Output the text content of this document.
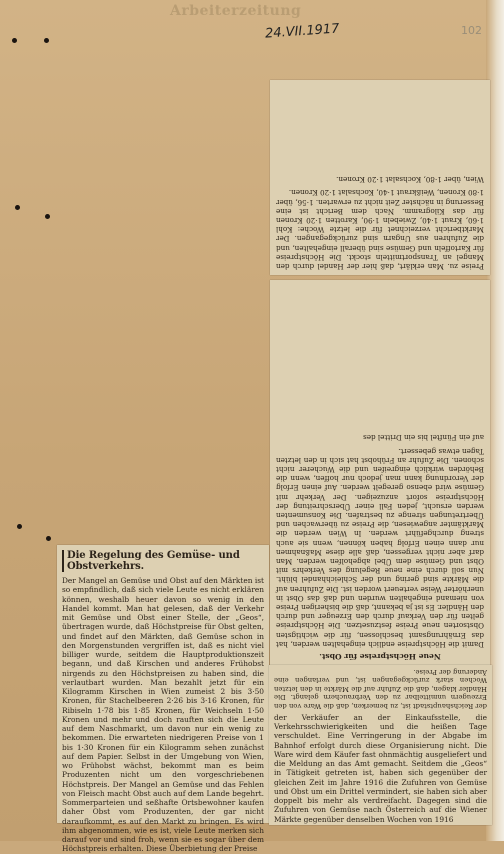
Arbeiterzeitung
24.VII.1917	102

Preise zu. Man erklärt, daß hier der Handel durch den Mangel an Transportmitteln stockt. Die Höchstpreise für Kartoffeln und Gemüse sind überall eingehalten, und die Zufuhren aus Ungarn sind zurückgegangen. Der Marktbericht verzeichnet für die letzte Woche: Kohl 1·60, Kraut 1·40, Zwiebeln 1·90, Karotten 1·20 Kronen für das Kilogramm. Nach dem Bericht ist eine Besserung in nächster Zeit nicht zu erwarten. 1·56, über 1·80 Kronen, Weißkraut 1·40, Kochsalat 1·20 Kronen.

Wien, über 1·80, Kochsalat 1·20 Kronen.

Neue Höchstpreise für Obst.

Damit die Höchstpreise endlich eingehalten werden, hat das Ernährungsamt beschlossen, für die wichtigsten Obstsorten neue Preise festzusetzen. Die Höchstpreise gelten für den Verkauf durch den Erzeuger und durch den Händler. Es ist ja bekannt, daß die bisherigen Preise von niemand eingehalten wurden und daß das Obst in unerhörter Weise verteuert worden ist. Die Zufuhren auf die Märkte sind gering und der Schleichhandel blüht. Nun soll durch eine neue Regelung des Verkehrs mit Obst und Gemüse dem Übel abgeholfen werden. Man darf aber nicht vergessen, daß alle diese Maßnahmen nur dann einen Erfolg haben können, wenn sie auch streng durchgeführt werden. In Wien werden die Marktämter angewiesen, die Preise zu überwachen und Übertretungen strenge zu bestrafen. Die Konsumenten werden ersucht, jeden Fall einer Überschreitung der Höchstpreise sofort anzuzeigen. Der Verkehr mit Gemüse wird ebenso geregelt werden. Auf einen Erfolg der Verordnung kann man jedoch nur hoffen, wenn die Behörden wirklich eingreifen und die Wucherer nicht schonen. Die Zufuhr an Frühobst hat sich in den letzten Tagen etwas gebessert.

auf ein Fünftel bis ein Drittel des

Die Regelung des Gemüse- und Obstverkehrs.

Der Mangel an Gemüse und Obst auf den Märkten ist so empfindlich, daß sich viele Leute es nicht erklären können, weshalb heuer davon so wenig in den Handel kommt. Man hat gelesen, daß der Verkehr mit Gemüse und Obst einer Stelle, der „Geos“, übertragen wurde, daß Höchstpreise für Obst gelten, und findet auf den Märkten, daß Gemüse schon in den Morgenstunden vergriffen ist, daß es nicht viel billiger wurde, seitdem die Hauptproduktionszeit begann, und daß Kirschen und anderes Frühobst nirgends zu den Höchstpreisen zu haben sind, die verlautbart wurden. Man bezahlt jetzt für ein Kilogramm Kirschen in Wien zumeist 2 bis 3·50 Kronen, für Stachelbeeren 2·26 bis 3·16 Kronen, für Ribiseln 1·78 bis 1·85 Kronen, für Weichseln 1·50 Kronen und mehr und doch rauften sich die Leute auf dem Naschmarkt, um davon nur ein wenig zu bekommen. Die erwarteten niedrigeren Preise von 1 bis 1·30 Kronen für ein Kilogramm sehen zunächst auf dem Papier. Selbst in der Umgebung von Wien, wo Frühobst wächst, bekommt man es beim Produzenten nicht um den vorgeschriebenen Höchstpreis. Der Mangel an Gemüse und das Fehlen von Fleisch macht Obst auch auf dem Lande begehrt. Sommerparteien und seßhafte Ortsbewohner kaufen daher Obst vom Produzenten, der gar nicht daraufkommt, es auf den Markt zu bringen. Es wird ihm abgenommen, wie es ist, viele Leute merken sich darauf vor und sind froh, wenn sie es sogar über dem Höchstpreis erhalten. Diese Überbietung der Preise

der Reichshauptstadt ist, zu bemerken, daß die Ware von den Erzeugern unmittelbar zu den Verbrauchern gelangt. Die Händler klagen, daß die Zufuhr auf die Märkte in den letzten Wochen stark zurückgegangen ist, und verlangen eine Änderung der Preise.

der Verkäufer an der Einkaufsstelle, die Verkehrsschwierigkeiten und die heißen Tage verschuldet. Eine Verringerung in der Abgabe im Bahnhof erfolgt durch diese Organisierung nicht. Die Ware wird dem Käufer fast ohnmächtig ausgeliefert und die Meldung an das Amt gemacht. Seitdem die „Geos“ in Tätigkeit getreten ist, haben sich gegenüber der gleichen Zeit im Jahre 1916 die Zufuhren von Gemüse und Obst um ein Drittel vermindert, sie haben sich aber doppelt bis mehr als verdreifacht. Dagegen sind die Zufuhren von Gemüse nach Österreich auf die Wiener Märkte gegenüber denselben Wochen von 1916
